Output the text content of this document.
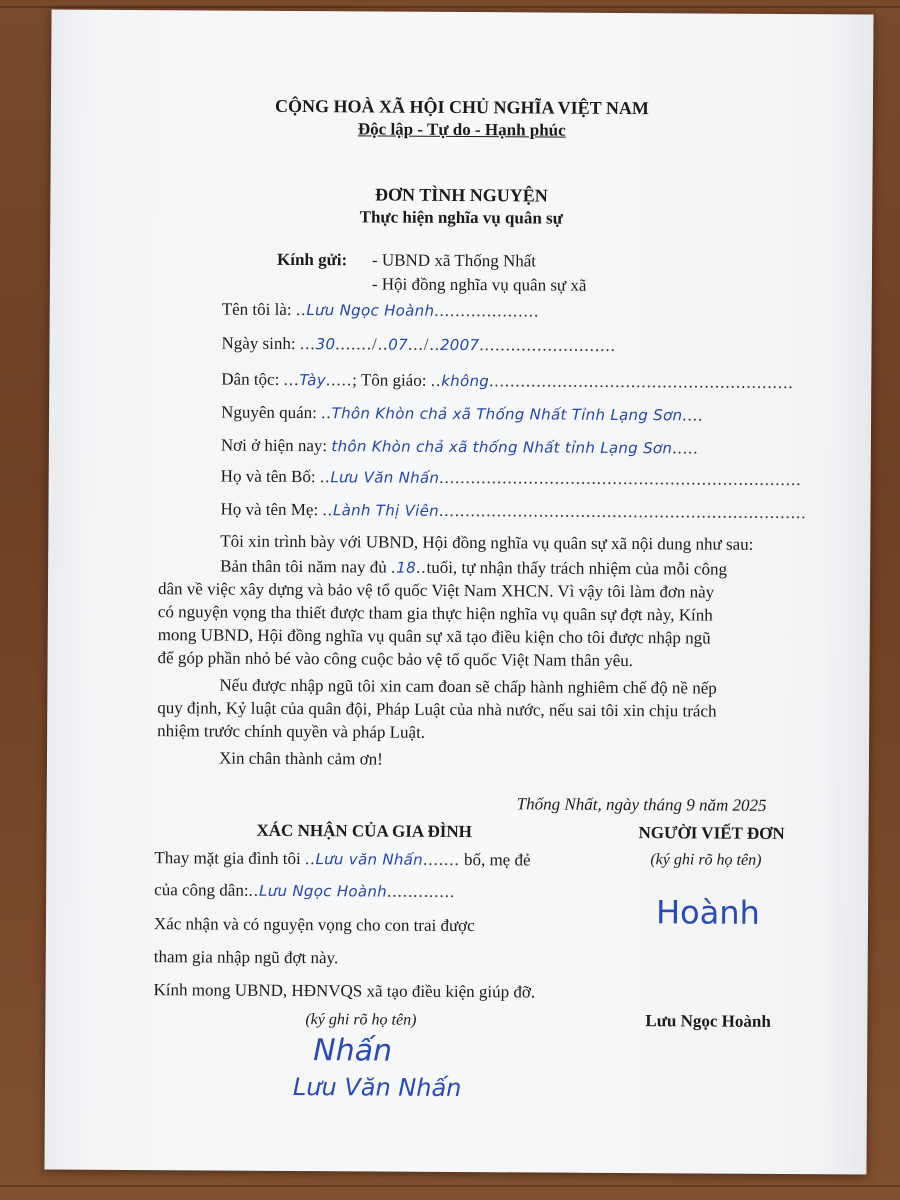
CỘNG HOÀ XÃ HỘI CHỦ NGHĨA VIỆT NAM
Độc lập - Tự do - Hạnh phúc
ĐƠN TÌNH NGUYỆN
Thực hiện nghĩa vụ quân sự
Kính gửi: - UBND xã Thống Nhất
- Hội đồng nghĩa vụ quân sự xã
Tên tôi là: ..Lưu Ngọc Hoành....................
Ngày sinh: ...30......./..07.../..2007..........................
Dân tộc: ...Tày.....; Tôn giáo: ..không..........................................................
Nguyên quán: ..Thôn Khòn chả xã Thống Nhất Tỉnh Lạng Sơn....
Nơi ở hiện nay: thôn Khòn chả xã thống Nhất tỉnh Lạng Sơn.....
Họ và tên Bố: ..Lưu Văn Nhấn.....................................................................
Họ và tên Mẹ: ..Lành Thị Viên......................................................................
Tôi xin trình bày với UBND, Hội đồng nghĩa vụ quân sự xã nội dung như sau:
Bản thân tôi năm nay đủ .18..tuổi, tự nhận thấy trách nhiệm của mỗi công
dân về việc xây dựng và bảo vệ tổ quốc Việt Nam XHCN. Vì vậy tôi làm đơn này
có nguyện vọng tha thiết được tham gia thực hiện nghĩa vụ quân sự đợt này, Kính
mong UBND, Hội đồng nghĩa vụ quân sự xã tạo điều kiện cho tôi được nhập ngũ
để góp phần nhỏ bé vào công cuộc bảo vệ tổ quốc Việt Nam thân yêu.
Nếu được nhập ngũ tôi xin cam đoan sẽ chấp hành nghiêm chế độ nề nếp
quy định, Kỷ luật của quân đội, Pháp Luật của nhà nước, nếu sai tôi xin chịu trách
nhiệm trước chính quyền và pháp Luật.
Xin chân thành cảm ơn!
Thống Nhất, ngày tháng 9 năm 2025
XÁC NHẬN CỦA GIA ĐÌNH
Thay mặt gia đình tôi ..Lưu văn Nhấn....... bố, mẹ đẻ
của công dân:..Lưu Ngọc Hoành.............
Xác nhận và có nguyện vọng cho con trai được
tham gia nhập ngũ đợt này.
Kính mong UBND, HĐNVQS xã tạo điều kiện giúp đỡ.
(ký ghi rõ họ tên)
Nhấn
Lưu Văn Nhấn
NGƯỜI VIẾT ĐƠN
(ký ghi rõ họ tên)
Hoành
Lưu Ngọc Hoành
